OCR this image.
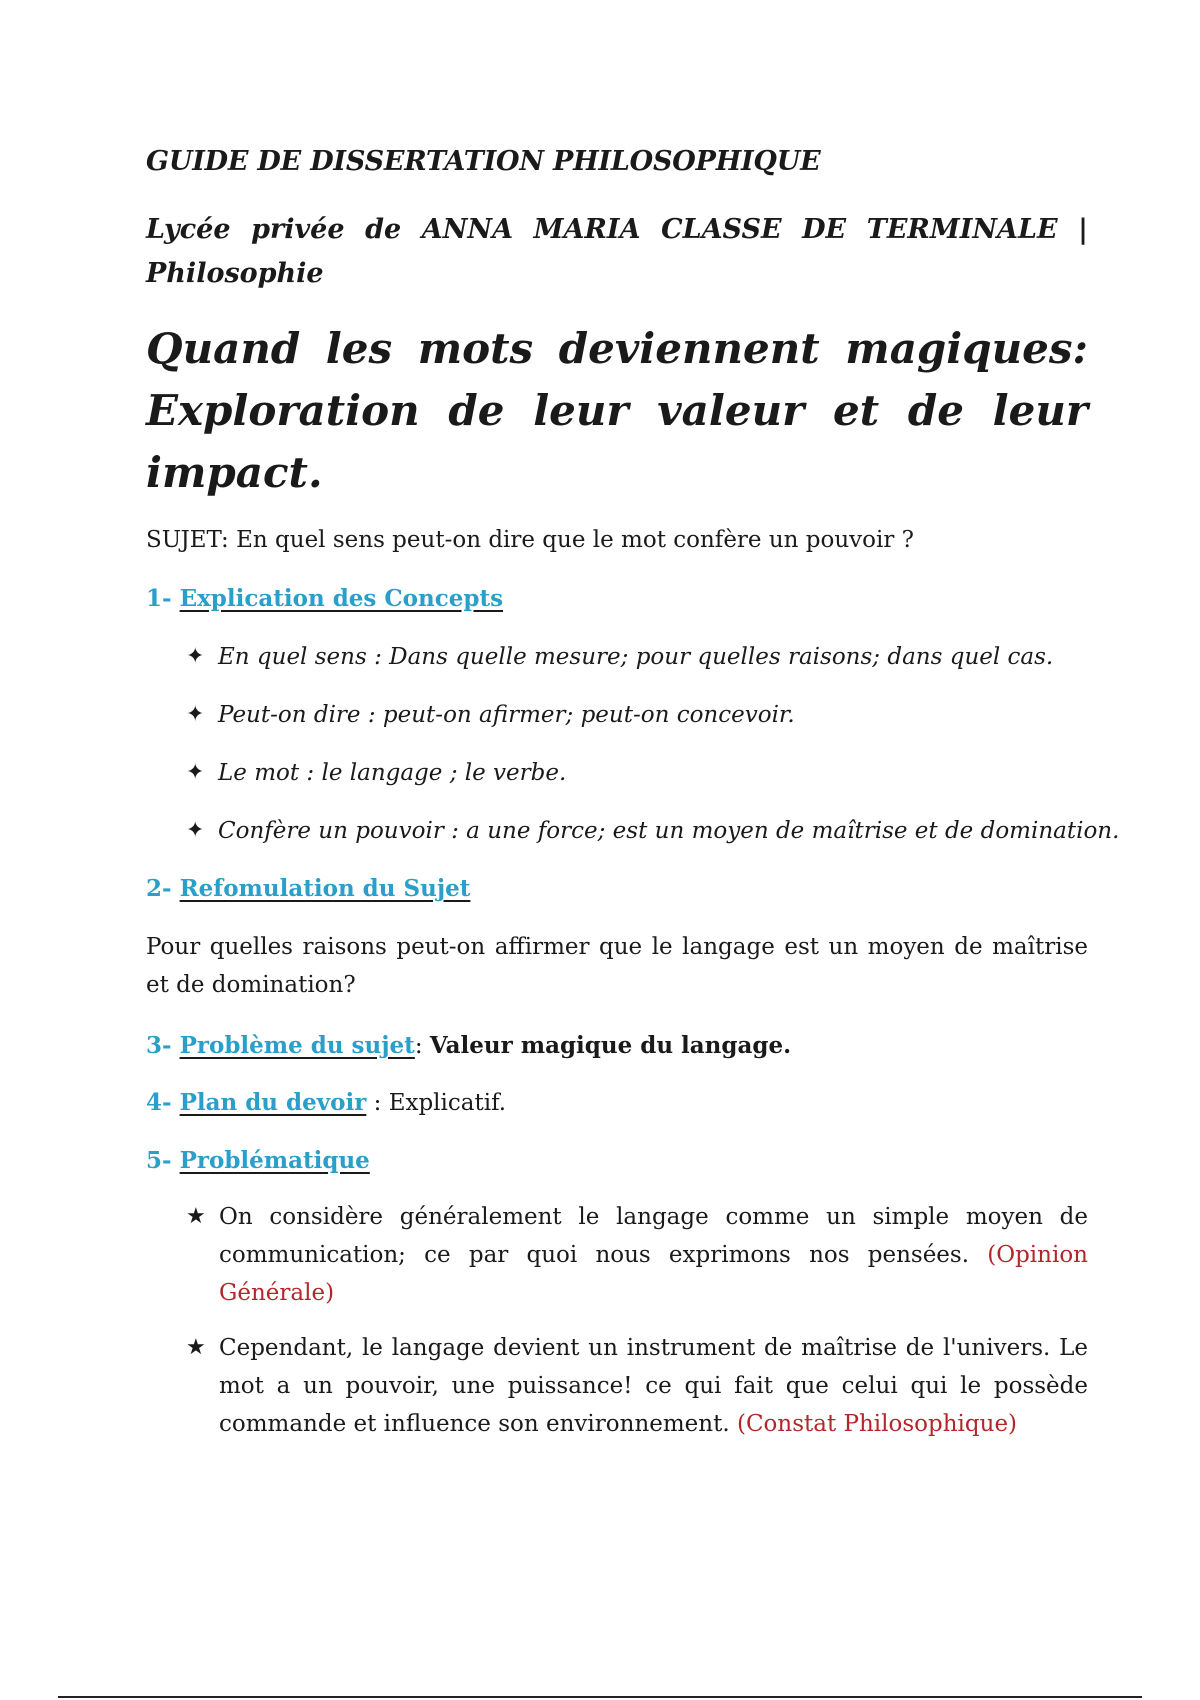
GUIDE DE DISSERTATION PHILOSOPHIQUE
Lycée privée de ANNA MARIA CLASSE DE TERMINALE | Philosophie
Quand les mots deviennent magiques: Exploration de leur valeur et de leur impact.
SUJET: En quel sens peut-on dire que le mot confère un pouvoir ?
1- Explication des Concepts
✦ En quel sens : Dans quelle mesure; pour quelles raisons; dans quel cas.
✦ Peut-on dire : peut-on afirmer; peut-on concevoir.
✦ Le mot : le langage ; le verbe.
✦ Confère un pouvoir : a une force; est un moyen de maîtrise et de domination.
2- Refomulation du Sujet
Pour quelles raisons peut-on affirmer que le langage est un moyen de maîtrise et de domination?
3- Problème du sujet: Valeur magique du langage.
4- Plan du devoir : Explicatif.
5- Problématique
★ On considère généralement le langage comme un simple moyen de communication; ce par quoi nous exprimons nos pensées. (Opinion Générale)
★ Cependant, le langage devient un instrument de maîtrise de l'univers. Le mot a un pouvoir, une puissance! ce qui fait que celui qui le possède commande et influence son environnement. (Constat Philosophique)
